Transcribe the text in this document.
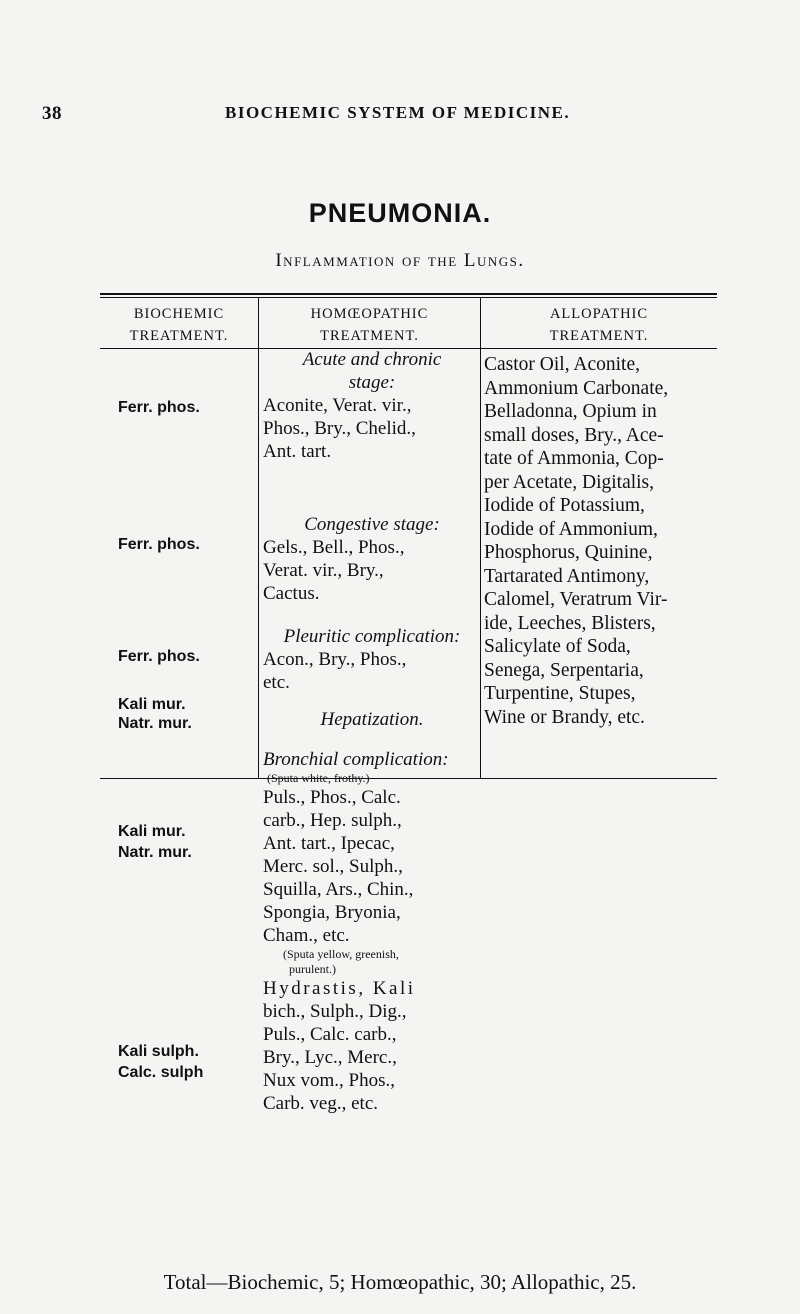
38	BIOCHEMIC SYSTEM OF MEDICINE.
PNEUMONIA.
Inflammation of the Lungs.
BIOCHEMIC
TREATMENT.
HOMŒOPATHIC
TREATMENT.
ALLOPATHIC
TREATMENT.
Ferr. phos.
Ferr. phos.
Ferr. phos.
Kali mur.
Natr. mur.
Kali mur.
Natr. mur.
Kali sulph.
Calc. sulph
Acute and chronic
stage:
Aconite, Verat. vir.,
Phos., Bry., Chelid.,
Ant. tart.
Congestive stage:
Gels., Bell., Phos.,
Verat. vir., Bry.,
Cactus.
Pleuritic complication:
Acon., Bry., Phos.,
etc.
Hepatization.
Bronchial complication:
(Sputa white, frothy.)
Puls., Phos., Calc.
carb., Hep. sulph.,
Ant. tart., Ipecac,
Merc. sol., Sulph.,
Squilla, Ars., Chin.,
Spongia, Bryonia,
Cham., etc.
(Sputa yellow, greenish,
purulent.)
Hydrastis, Kali
bich., Sulph., Dig.,
Puls., Calc. carb.,
Bry., Lyc., Merc.,
Nux vom., Phos.,
Carb. veg., etc.
Castor Oil, Aconite,
Ammonium Carbonate,
Belladonna, Opium in
small doses, Bry., Ace-
tate of Ammonia, Cop-
per Acetate, Digitalis,
Iodide of Potassium,
Iodide of Ammonium,
Phosphorus, Quinine,
Tartarated Antimony,
Calomel, Veratrum Vir-
ide, Leeches, Blisters,
Salicylate of Soda,
Senega, Serpentaria,
Turpentine, Stupes,
Wine or Brandy, etc.
Total—Biochemic, 5; Homœopathic, 30; Allopathic, 25.
